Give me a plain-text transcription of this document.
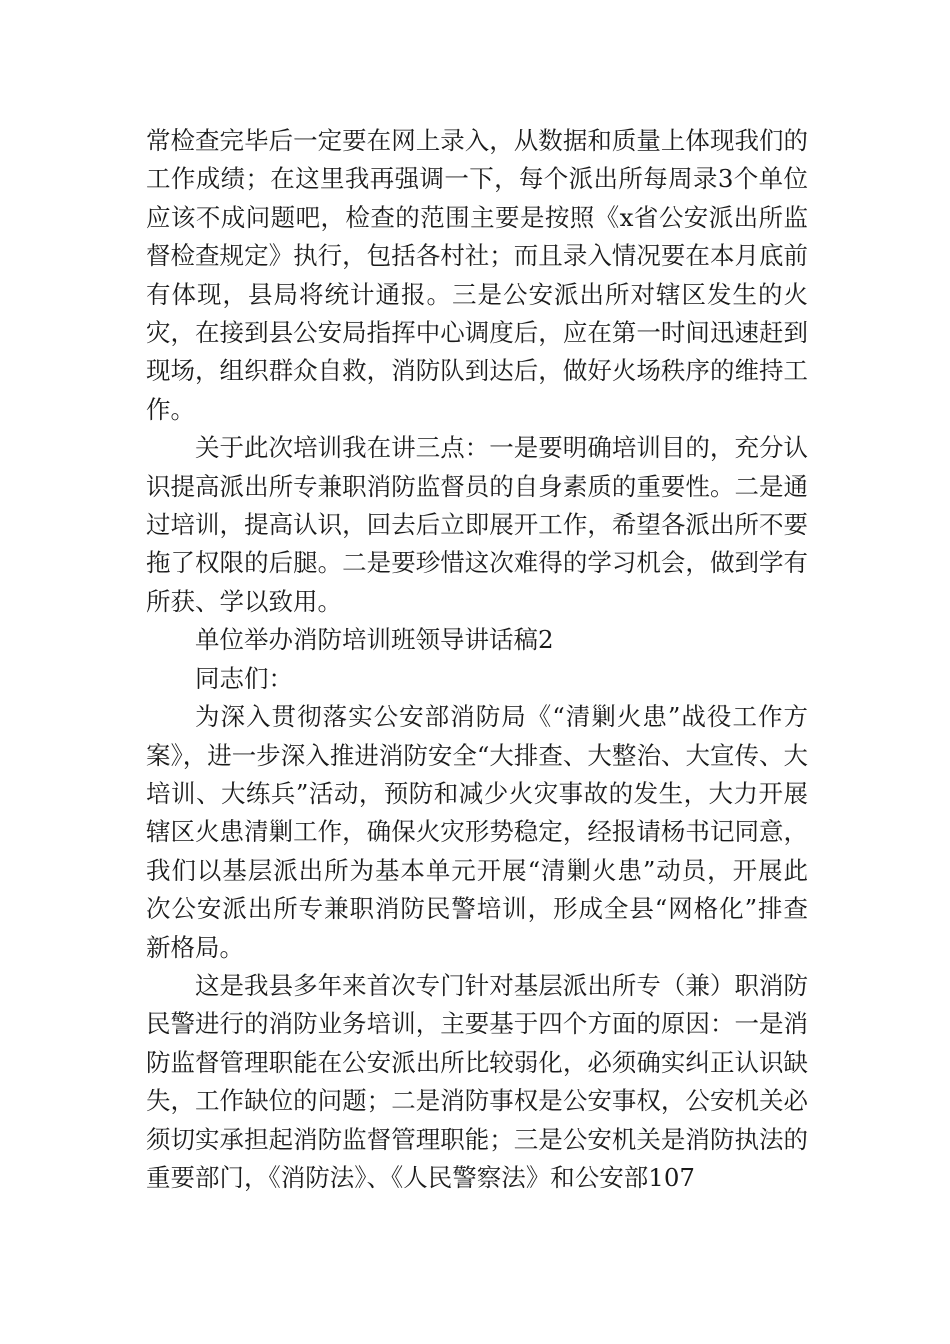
常检查完毕后一定要在网上录入，从数据和质量上体现我们的工作成绩；在这里我再强调一下，每个派出所每周录3个单位应该不成问题吧，检查的范围主要是按照《x省公安派出所监督检查规定》执行，包括各村社；而且录入情况要在本月底前有体现，县局将统计通报。三是公安派出所对辖区发生的火灾，在接到县公安局指挥中心调度后，应在第一时间迅速赶到现场，组织群众自救，消防队到达后，做好火场秩序的维持工作。

关于此次培训我在讲三点：一是要明确培训目的，充分认识提高派出所专兼职消防监督员的自身素质的重要性。二是通过培训，提高认识，回去后立即展开工作，希望各派出所不要拖了权限的后腿。二是要珍惜这次难得的学习机会，做到学有所获、学以致用。

单位举办消防培训班领导讲话稿2

同志们：

为深入贯彻落实公安部消防局《“清剿火患”战役工作方案》，进一步深入推进消防安全“大排查、大整治、大宣传、大培训、大练兵”活动，预防和减少火灾事故的发生，大力开展辖区火患清剿工作，确保火灾形势稳定，经报请杨书记同意，我们以基层派出所为基本单元开展“清剿火患”动员，开展此次公安派出所专兼职消防民警培训，形成全县“网格化”排查新格局。

这是我县多年来首次专门针对基层派出所专（兼）职消防民警进行的消防业务培训，主要基于四个方面的原因：一是消防监督管理职能在公安派出所比较弱化，必须确实纠正认识缺失，工作缺位的问题；二是消防事权是公安事权，公安机关必须切实承担起消防监督管理职能；三是公安机关是消防执法的重要部门，《消防法》、《人民警察法》和公安部107
